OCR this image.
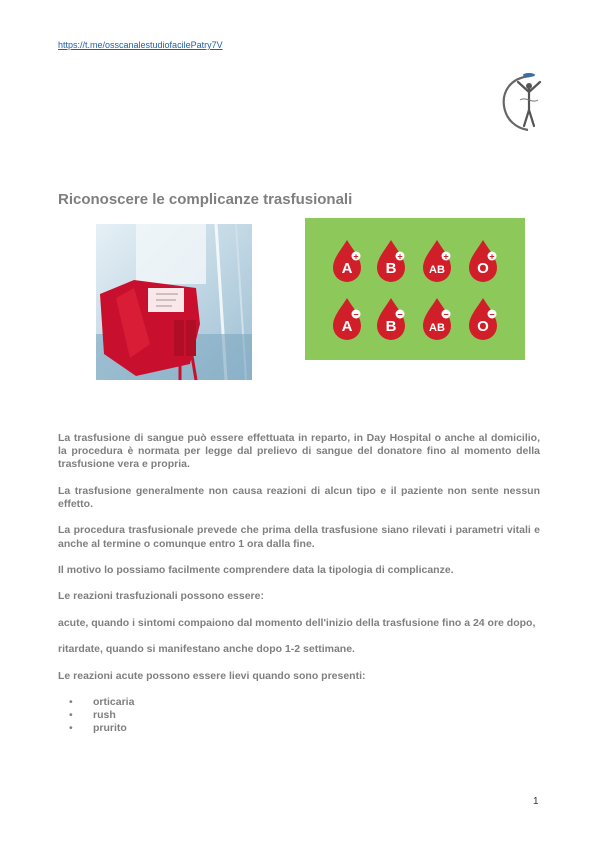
https://t.me/osscanalestudiofacilePatry7V
Riconoscere le complicanze trasfusionali
A
+
B
+
AB
+
O
+
A
−
B
−
AB
−
O
−

La trasfusione di sangue può essere effettuata in reparto, in Day Hospital o anche al domicilio, la procedura è normata per legge dal prelievo di sangue del donatore fino al momento della trasfusione vera e propria.

La trasfusione generalmente non causa reazioni di alcun tipo e il paziente non sente nessun effetto.

La procedura trasfusionale prevede che prima della trasfusione siano rilevati i parametri vitali e anche al termine o comunque entro 1 ora dalla fine.

Il motivo lo possiamo facilmente comprendere data la tipologia di complicanze.

Le reazioni trasfuzionali possono essere:

acute, quando i sintomi compaiono dal momento dell'inizio della trasfusione fino a 24 ore dopo,

ritardate, quando si manifestano anche dopo 1-2 settimane.

Le reazioni acute possono essere lievi quando sono presenti:

• orticaria
• rush
• prurito
1
